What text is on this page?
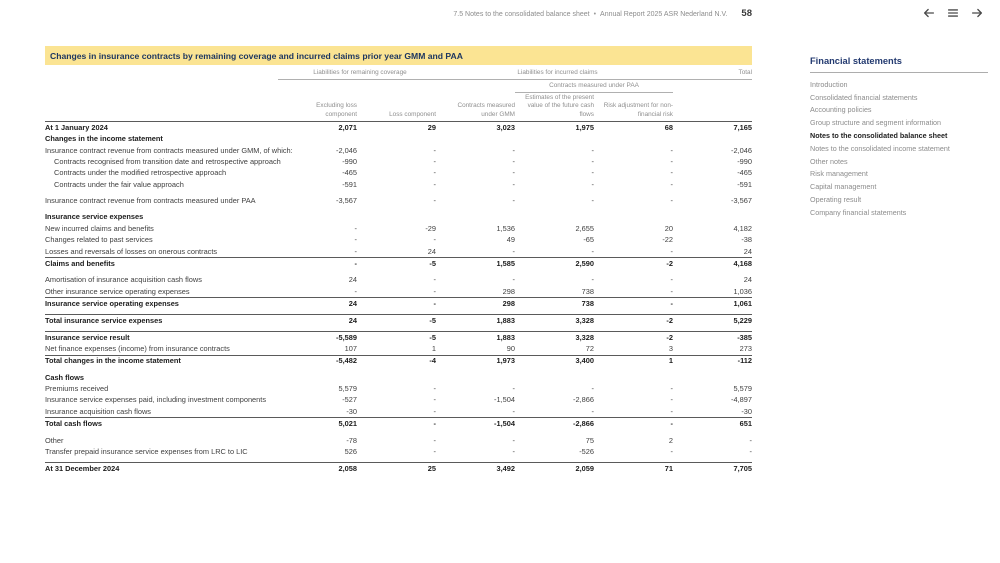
7.5 Notes to the consolidated balance sheet • Annual Report 2025 ASR Nederland N.V. 58
Changes in insurance contracts by remaining coverage and incurred claims prior year GMM and PAA
	Liabilities for remaining coverage		Liabilities for incurred claims			Total
				Contracts measured under PAA		
	Excluding loss component	Loss component	Contracts measured under GMM	Estimates of the present value of the future cash flows	Risk adjustment for non-financial risk	
At 1 January 2024	2,071	29	3,023	1,975	68	7,165
Changes in the income statement						
Insurance contract revenue from contracts measured under GMM, of which:	-2,046	-	-	-	-	-2,046
Contracts recognised from transition date and retrospective approach	-990	-	-	-	-	-990
Contracts under the modified retrospective approach	-465	-	-	-	-	-465
Contracts under the fair value approach	-591	-	-	-	-	-591

Insurance contract revenue from contracts measured under PAA	-3,567	-	-	-	-	-3,567

Insurance service expenses						
New incurred claims and benefits	-	-29	1,536	2,655	20	4,182
Changes related to past services	-	-	49	-65	-22	-38
Losses and reversals of losses on onerous contracts	-	24	-	-	-	24
Claims and benefits	-	-5	1,585	2,590	-2	4,168

Amortisation of insurance acquisition cash flows	24	-	-	-	-	24
Other insurance service operating expenses	-	-	298	738	-	1,036
Insurance service operating expenses	24	-	298	738	-	1,061

Total insurance service expenses	24	-5	1,883	3,328	-2	5,229

Insurance service result	-5,589	-5	1,883	3,328	-2	-385
Net finance expenses (income) from insurance contracts	107	1	90	72	3	273
Total changes in the income statement	-5,482	-4	1,973	3,400	1	-112

Cash flows						
Premiums received	5,579	-	-	-	-	5,579
Insurance service expenses paid, including investment components	-527	-	-1,504	-2,866	-	-4,897
Insurance acquisition cash flows	-30	-	-	-	-	-30
Total cash flows	5,021	-	-1,504	-2,866	-	651

Other	-78	-	-	75	2	-
Transfer prepaid insurance service expenses from LRC to LIC	526	-	-	-526	-	-

At 31 December 2024	2,058	25	3,492	2,059	71	7,705
Financial statements
Introduction
Consolidated financial statements
Accounting policies
Group structure and segment information
Notes to the consolidated balance sheet
Notes to the consolidated income statement
Other notes
Risk management
Capital management
Operating result
Company financial statements
